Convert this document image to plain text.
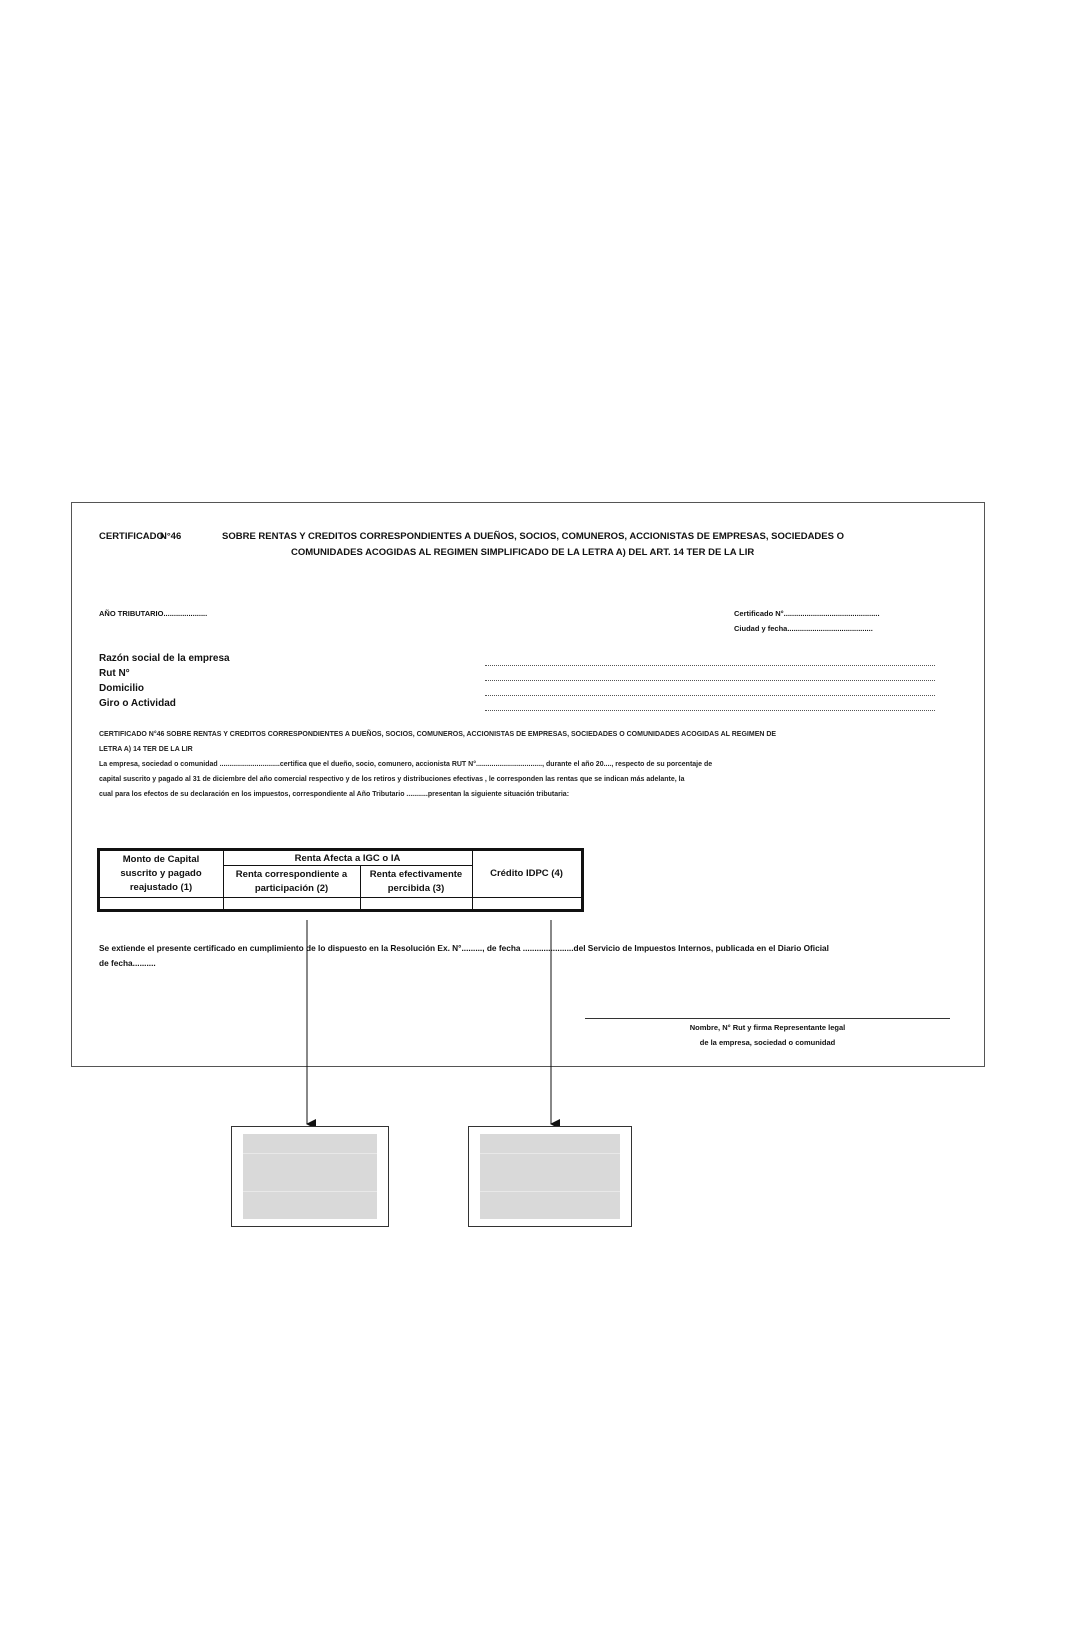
CERTIFICADO
N°46	SOBRE RENTAS Y CREDITOS CORRESPONDIENTES A DUEÑOS, SOCIOS, COMUNEROS, ACCIONISTAS DE EMPRESAS, SOCIEDADES O
COMUNIDADES ACOGIDAS AL REGIMEN SIMPLIFICADO DE LA LETRA A) DEL ART. 14 TER DE LA LIR
AÑO TRIBUTARIO.....................	Certificado N°..............................................
Ciudad y fecha.........................................
Razón social de la empresa
Rut N°
Domicilio
Giro o Actividad
CERTIFICADO N°46 SOBRE RENTAS Y CREDITOS CORRESPONDIENTES A DUEÑOS, SOCIOS, COMUNEROS, ACCIONISTAS DE EMPRESAS, SOCIEDADES O COMUNIDADES ACOGIDAS AL REGIMEN DE
LETRA A) 14 TER DE LA LIR
La empresa, sociedad o comunidad ...............................certifica que el dueño, socio, comunero, accionista RUT N°.................................., durante el año 20...., respecto de su porcentaje de
capital suscrito y pagado al 31 de diciembre del año comercial respectivo y de los retiros y distribuciones efectivas , le corresponden las rentas que se indican más adelante, la
cual para los efectos de su declaración en los impuestos, correspondiente al Año Tributario ...........presentan la siguiente situación tributaria:
Monto de Capital suscrito y pagado reajustado (1)
Renta Afecta a IGC o IA
Renta correspondiente a participación (2)
Renta efectivamente percibida (3)
Crédito IDPC (4)
Se extiende el presente certificado en cumplimiento de lo dispuesto en la Resolución Ex. N°........., de fecha ......................del Servicio de Impuestos Internos, publicada en el Diario Oficial
de fecha..........
Nombre, N° Rut y firma Representante legal
de la empresa, sociedad o comunidad
